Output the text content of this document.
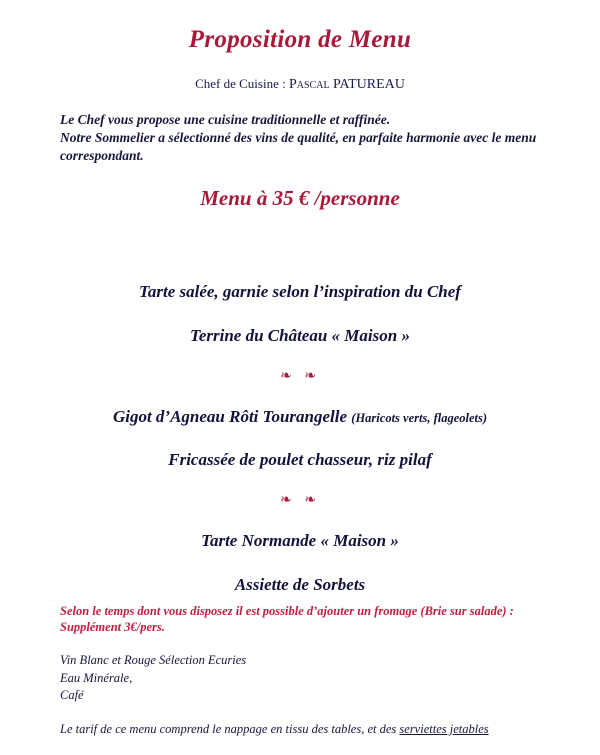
Proposition de Menu
Chef de Cuisine : Pascal PATUREAU

Le Chef vous propose une cuisine traditionnelle et raffinée.

Notre Sommelier a sélectionné des vins de qualité, en parfaite harmonie avec le menu

correspondant.

Menu à 35 € /personne
Tarte salée, garnie selon l’inspiration du Chef
Terrine du Château « Maison »
❧ ❧
Gigot d’Agneau Rôti Tourangelle (Haricots verts, flageolets)
Fricassée de poulet chasseur, riz pilaf
❧ ❧
Tarte Normande « Maison »
Assiette de Sorbets

Selon le temps dont vous disposez il est possible d’ajouter un fromage (Brie sur salade) :
Supplément 3€/pers.

Vin Blanc et Rouge Sélection Ecuries
Eau Minérale,
Café

Le tarif de ce menu comprend le nappage en tissu des tables, et des serviettes jetables
